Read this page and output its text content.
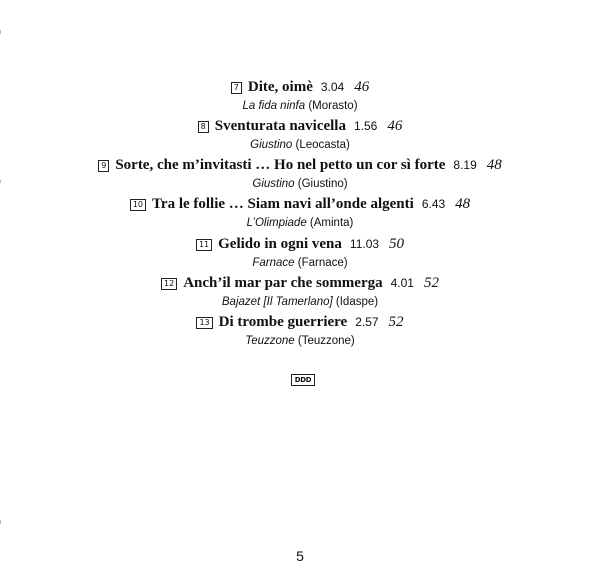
7 Dite, oimè 3.04 46
La fida ninfa (Morasto)
8 Sventurata navicella 1.56 46
Giustino (Leocasta)
9 Sorte, che m’invitasti … Ho nel petto un cor sì forte 8.19 48
Giustino (Giustino)
10 Tra le follie … Siam navi all’onde algenti 6.43 48
L’Olimpiade (Aminta)
11 Gelido in ogni vena 11.03 50
Farnace (Farnace)
12 Anch’il mar par che sommerga 4.01 52
Bajazet [Il Tamerlano] (Idaspe)
13 Di trombe guerriere 2.57 52
Teuzzone (Teuzzone)
DDD
5
